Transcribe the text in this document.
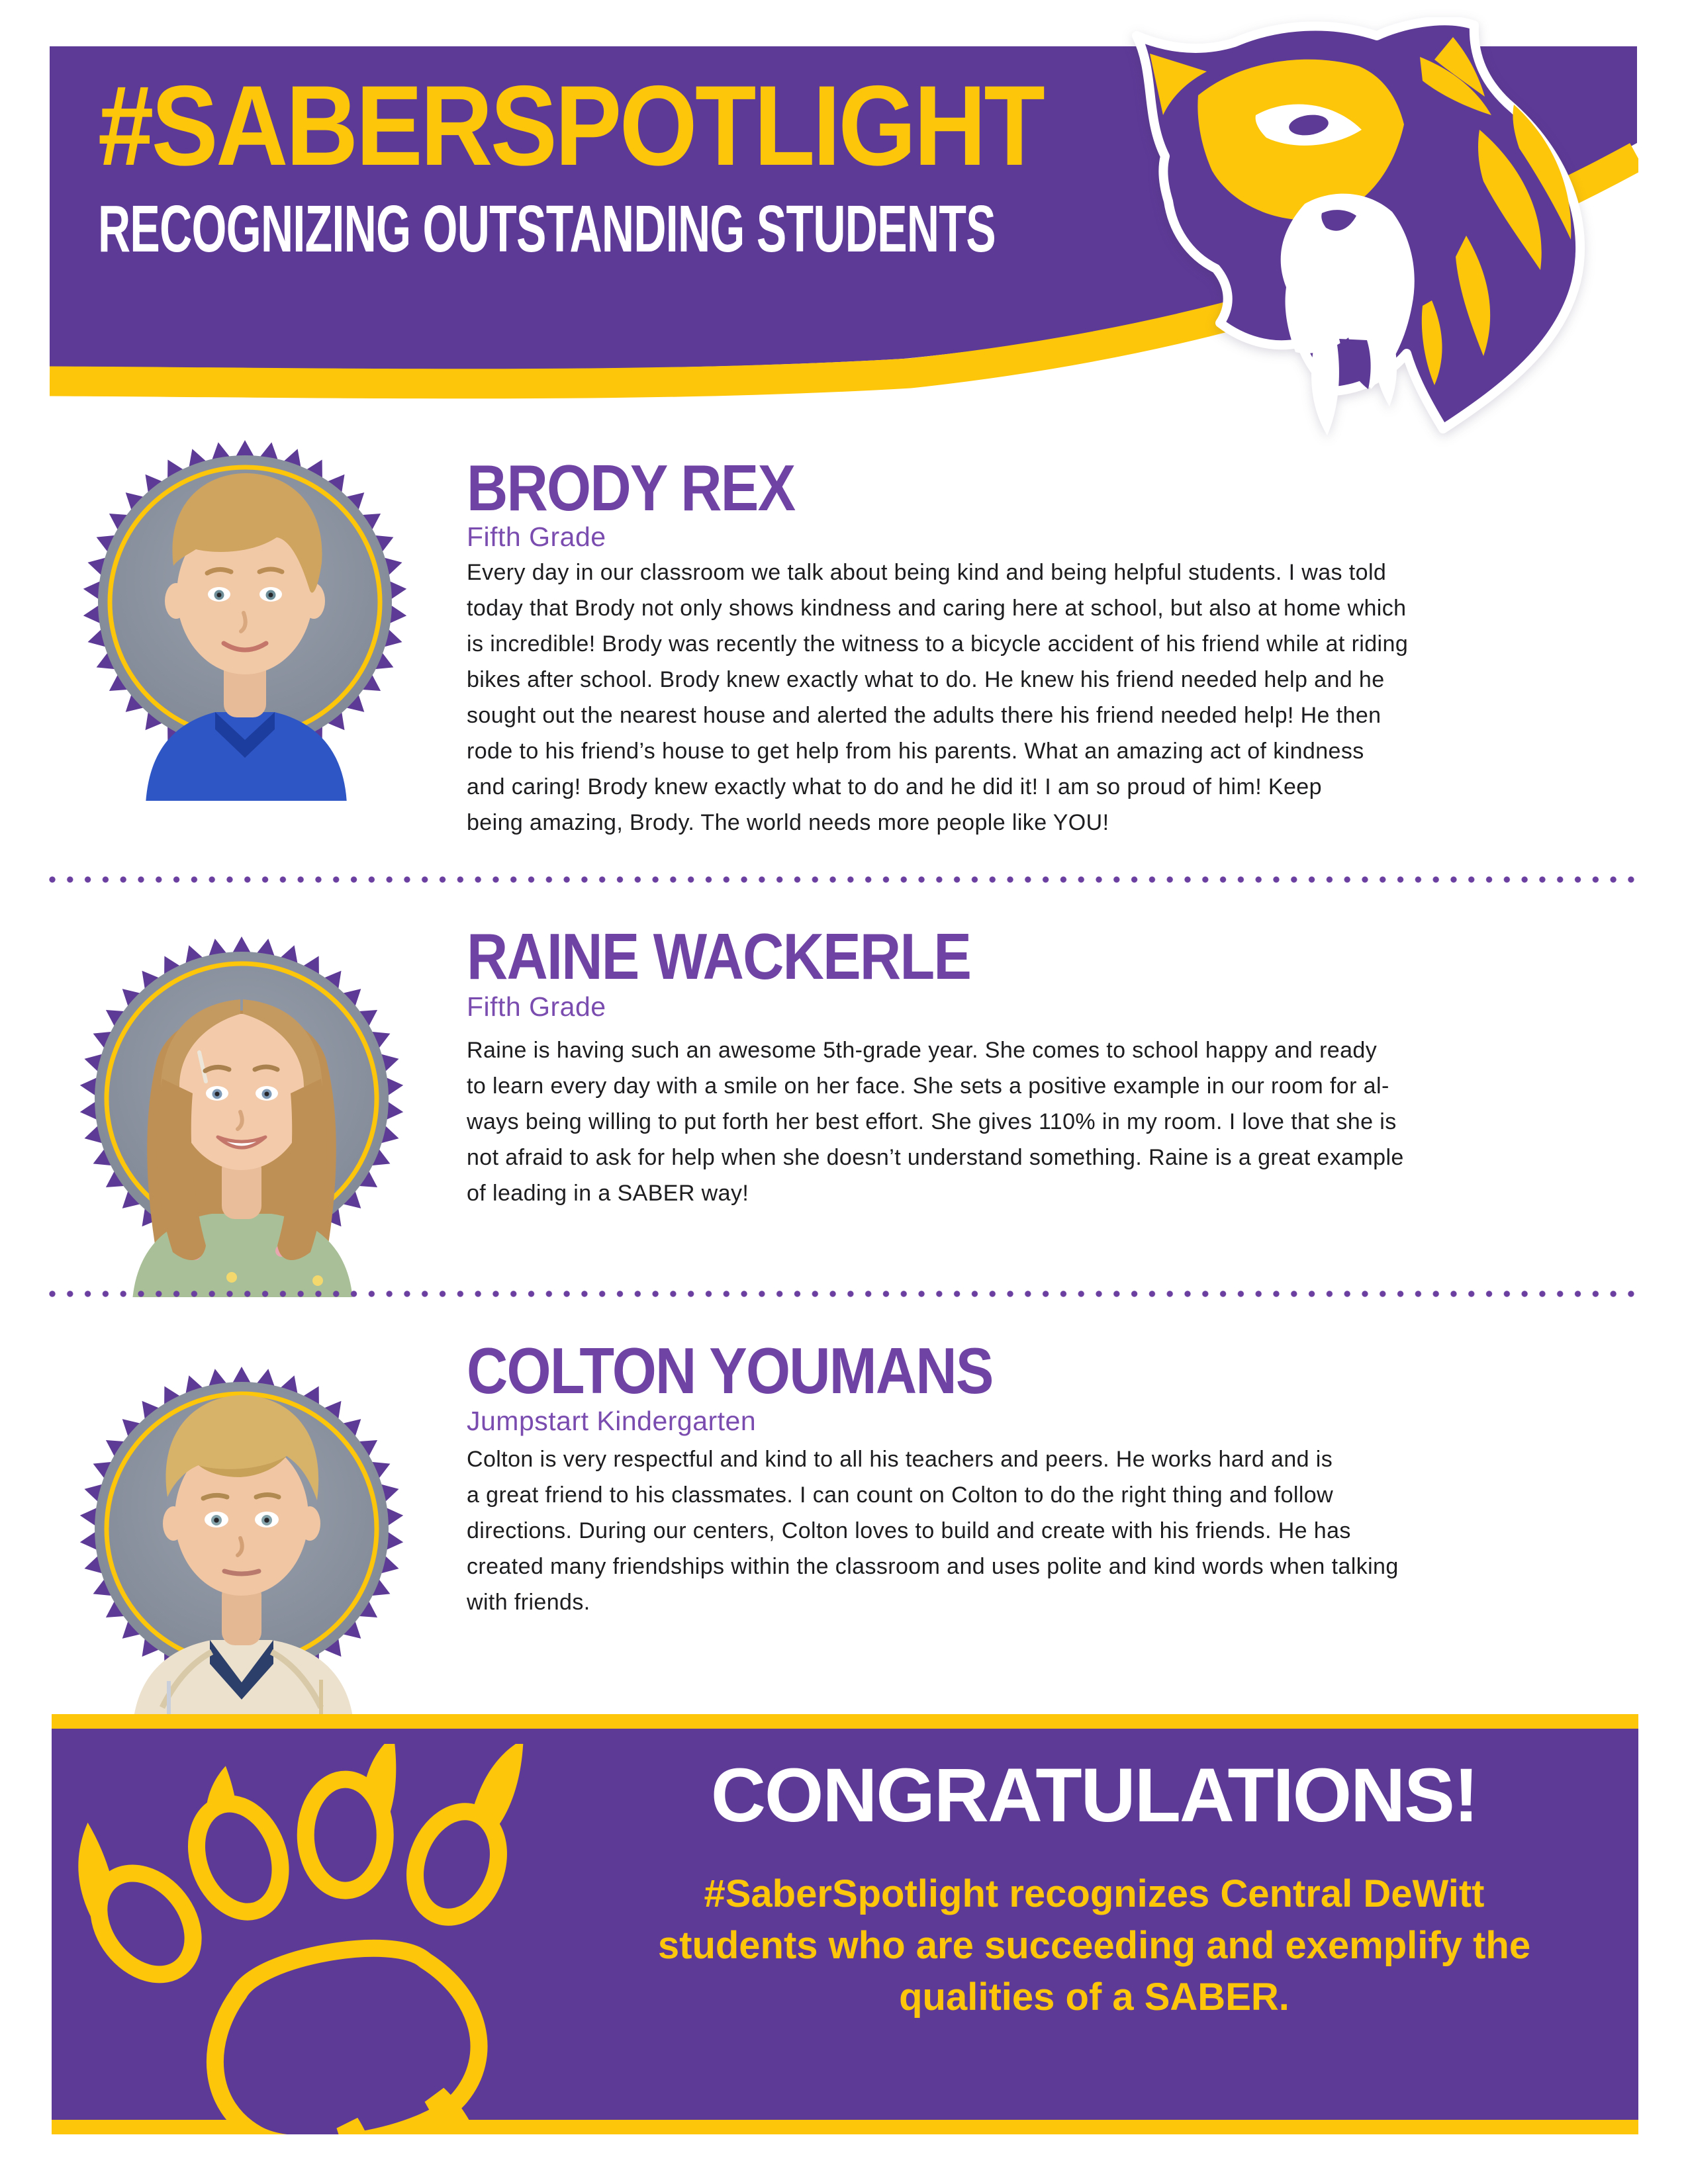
#SABERSPOTLIGHT
RECOGNIZING OUTSTANDING STUDENTS
BRODY REX
Fifth Grade
Every day in our classroom we talk about being kind and being helpful students. I was told
today that Brody not only shows kindness and caring here at school, but also at home which
is incredible! Brody was recently the witness to a bicycle accident of his friend while at riding
bikes after school. Brody knew exactly what to do. He knew his friend needed help and he
sought out the nearest house and alerted the adults there his friend needed help! He then
rode to his friend’s house to get help from his parents. What an amazing act of kindness
and caring! Brody knew exactly what to do and he did it! I am so proud of him! Keep
being amazing, Brody. The world needs more people like YOU!
RAINE WACKERLE
Fifth Grade
Raine is having such an awesome 5th-grade year. She comes to school happy and ready
to learn every day with a smile on her face. She sets a positive example in our room for al-
ways being willing to put forth her best effort. She gives 110% in my room. I love that she is
not afraid to ask for help when she doesn’t understand something. Raine is a great example
of leading in a SABER way!
COLTON YOUMANS
Jumpstart Kindergarten
Colton is very respectful and kind to all his teachers and peers. He works hard and is
a great friend to his classmates. I can count on Colton to do the right thing and follow
directions. During our centers, Colton loves to build and create with his friends. He has
created many friendships within the classroom and uses polite and kind words when talking
with friends.
CONGRATULATIONS!
#SaberSpotlight recognizes Central DeWitt
students who are succeeding and exemplify the
qualities of a SABER.
